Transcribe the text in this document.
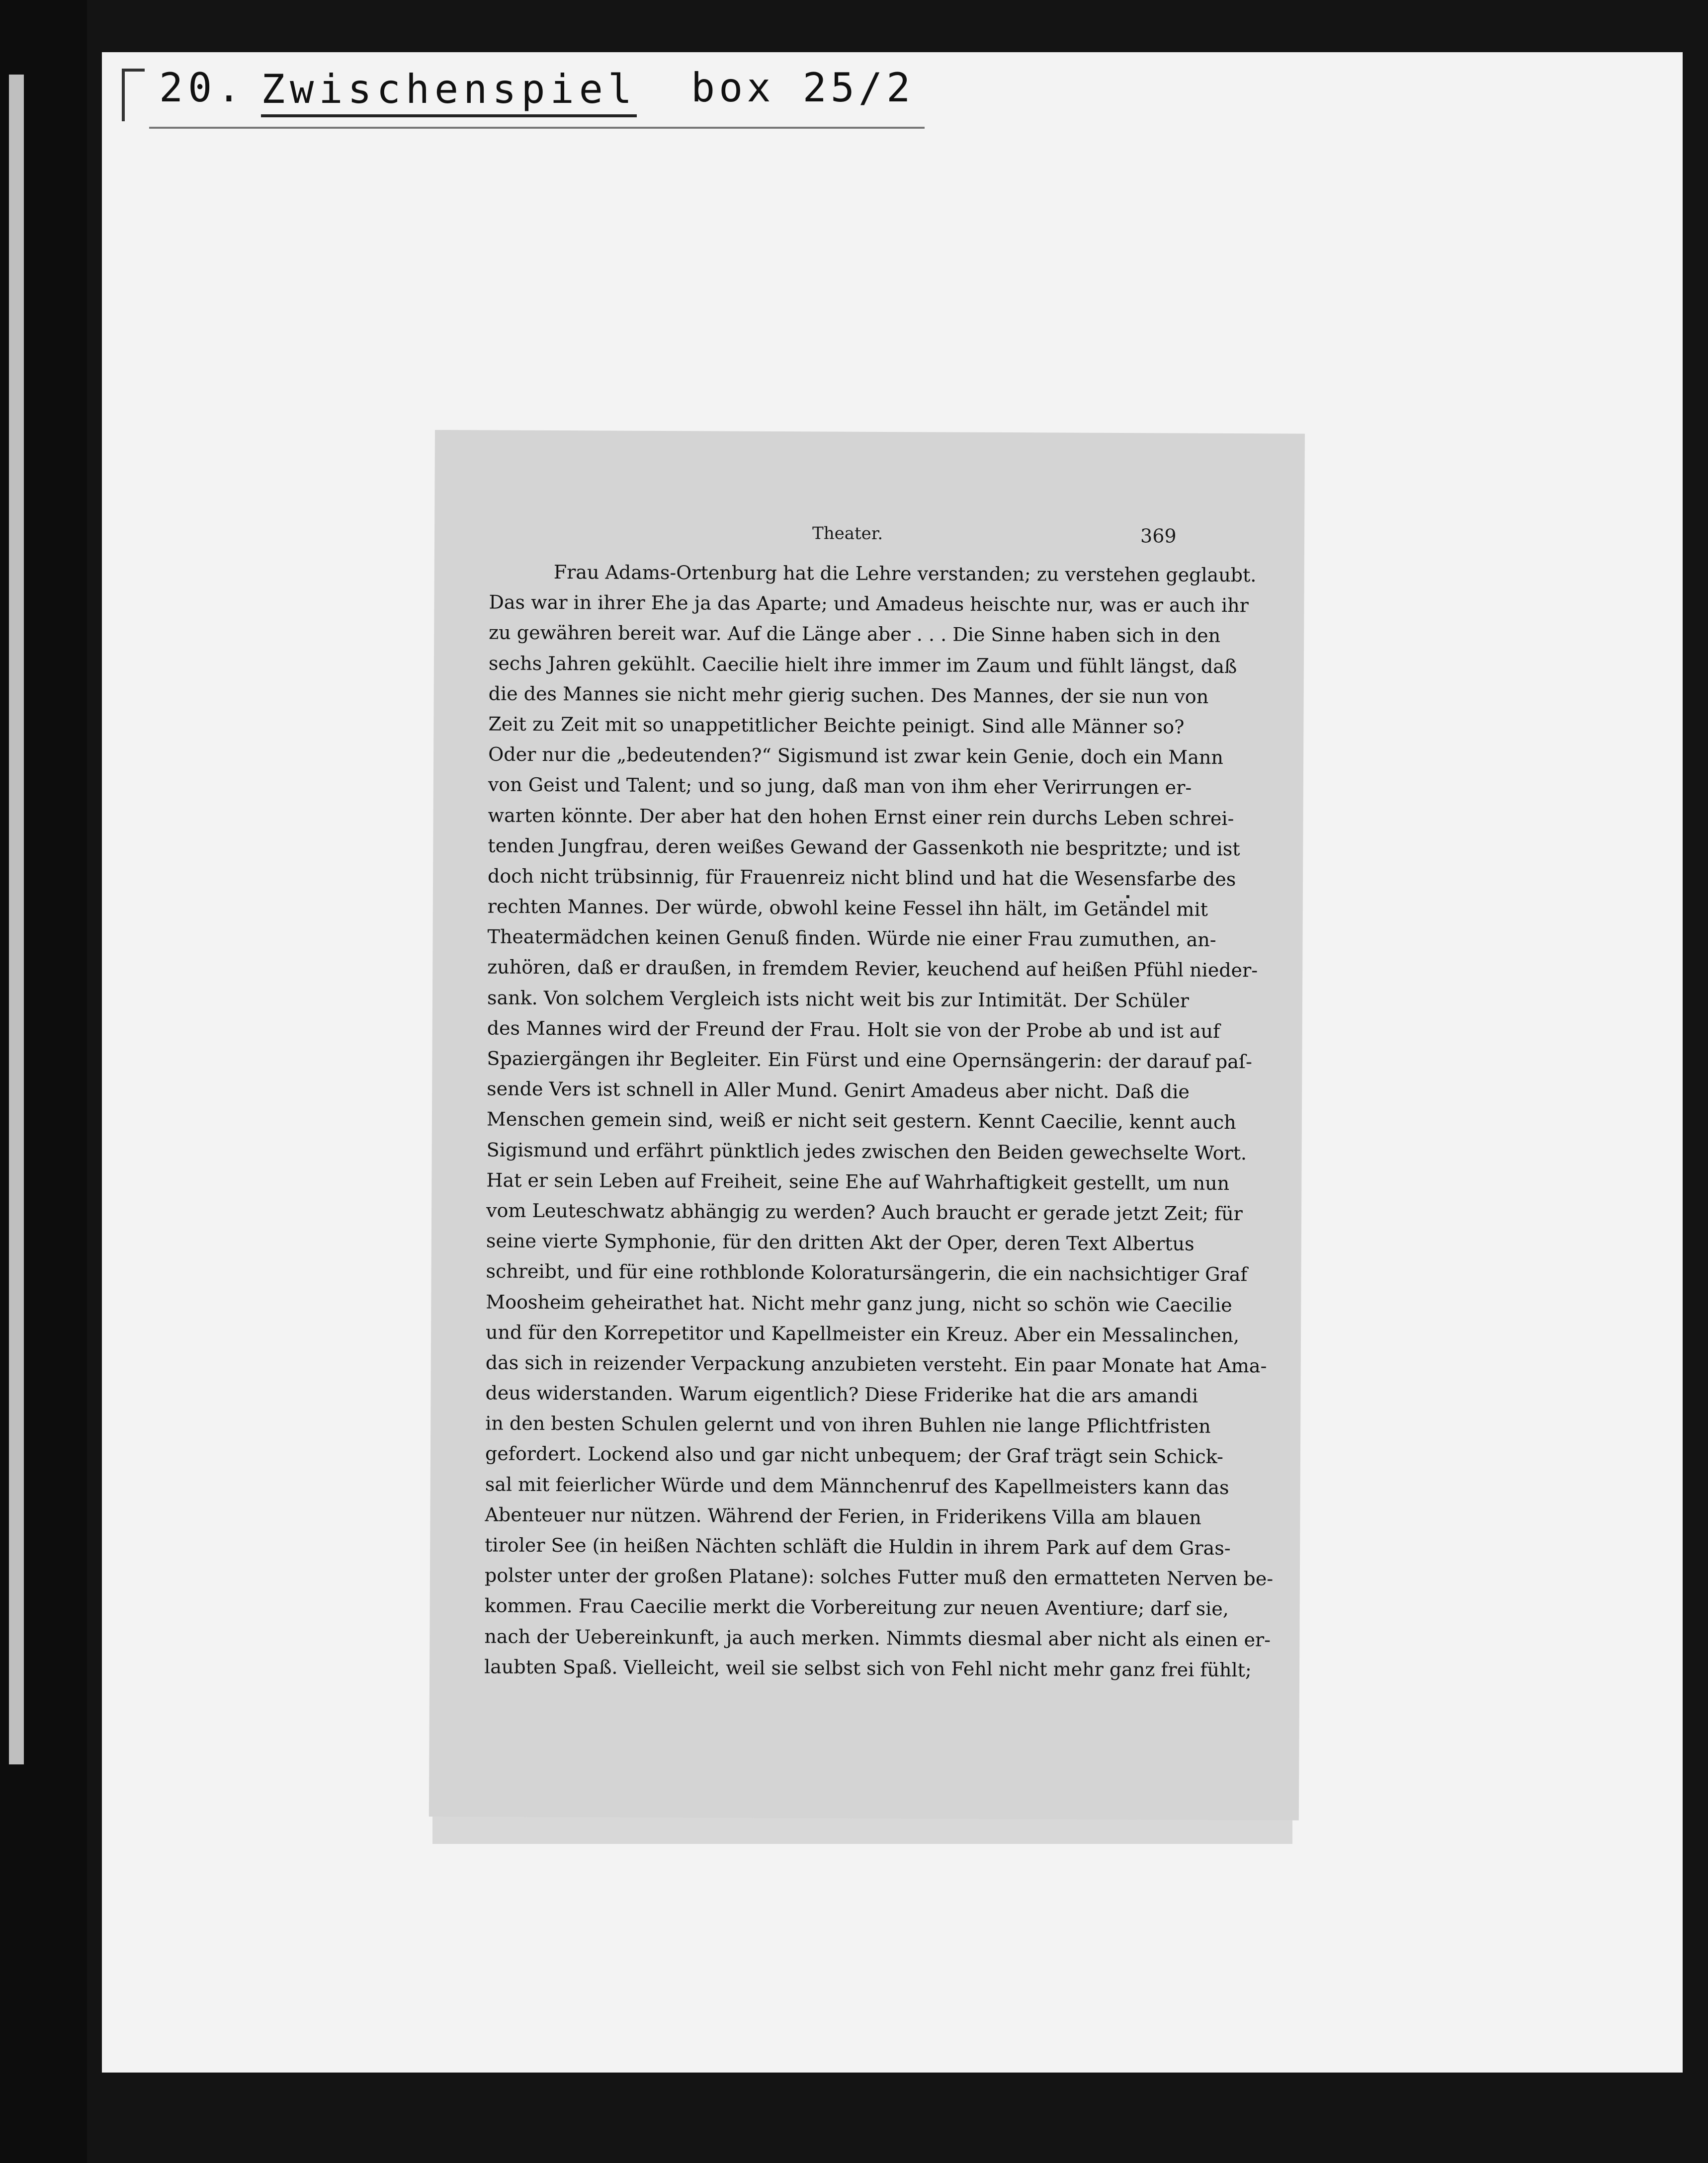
20. Zwischenspiel box 25/2
Theater.	369
Frau Adams-Ortenburg hat die Lehre verstanden; zu verstehen geglaubt.
Das war in ihrer Ehe ja das Aparte; und Amadeus heischte nur, was er auch ihr
zu gewähren bereit war. Auf die Länge aber . . . Die Sinne haben sich in den
sechs Jahren gekühlt. Caecilie hielt ihre immer im Zaum und fühlt längst, daß
die des Mannes sie nicht mehr gierig suchen. Des Mannes, der sie nun von
Zeit zu Zeit mit so unappetitlicher Beichte peinigt. Sind alle Männer so?
Oder nur die „bedeutenden?“ Sigismund ist zwar kein Genie, doch ein Mann
von Geist und Talent; und so jung, daß man von ihm eher Verirrungen er-
warten könnte. Der aber hat den hohen Ernst einer rein durchs Leben schrei-
tenden Jungfrau, deren weißes Gewand der Gassenkoth nie bespritzte; und ist
doch nicht trübsinnig, für Frauenreiz nicht blind und hat die Wesensfarbe des
rechten Mannes. Der würde, obwohl keine Fessel ihn hält, im Getändel mit
Theatermädchen keinen Genuß finden. Würde nie einer Frau zumuthen, an-
zuhören, daß er draußen, in fremdem Revier, keuchend auf heißen Pfühl nieder-
sank. Von solchem Vergleich ists nicht weit bis zur Intimität. Der Schüler
des Mannes wird der Freund der Frau. Holt sie von der Probe ab und ist auf
Spaziergängen ihr Begleiter. Ein Fürst und eine Opernsängerin: der darauf paſ-
sende Vers ist schnell in Aller Mund. Genirt Amadeus aber nicht. Daß die
Menschen gemein sind, weiß er nicht seit gestern. Kennt Caecilie, kennt auch
Sigismund und erfährt pünktlich jedes zwischen den Beiden gewechselte Wort.
Hat er sein Leben auf Freiheit, seine Ehe auf Wahrhaftigkeit gestellt, um nun
vom Leuteschwatz abhängig zu werden? Auch braucht er gerade jetzt Zeit; für
seine vierte Symphonie, für den dritten Akt der Oper, deren Text Albertus
schreibt, und für eine rothblonde Koloratursängerin, die ein nachsichtiger Graf
Moosheim geheirathet hat. Nicht mehr ganz jung, nicht so schön wie Caecilie
und für den Korrepetitor und Kapellmeister ein Kreuz. Aber ein Messalinchen,
das sich in reizender Verpackung anzubieten versteht. Ein paar Monate hat Ama-
deus widerstanden. Warum eigentlich? Diese Friderike hat die ars amandi
in den besten Schulen gelernt und von ihren Buhlen nie lange Pflichtfristen
gefordert. Lockend also und gar nicht unbequem; der Graf trägt sein Schick-
sal mit feierlicher Würde und dem Männchenruf des Kapellmeisters kann das
Abenteuer nur nützen. Während der Ferien, in Friderikens Villa am blauen
tiroler See (in heißen Nächten schläft die Huldin in ihrem Park auf dem Gras-
polster unter der großen Platane): solches Futter muß den ermatteten Nerven be-
kommen. Frau Caecilie merkt die Vorbereitung zur neuen Aventiure; darf sie,
nach der Uebereinkunft, ja auch merken. Nimmts diesmal aber nicht als einen er-
laubten Spaß. Vielleicht, weil sie selbst sich von Fehl nicht mehr ganz frei fühlt;
